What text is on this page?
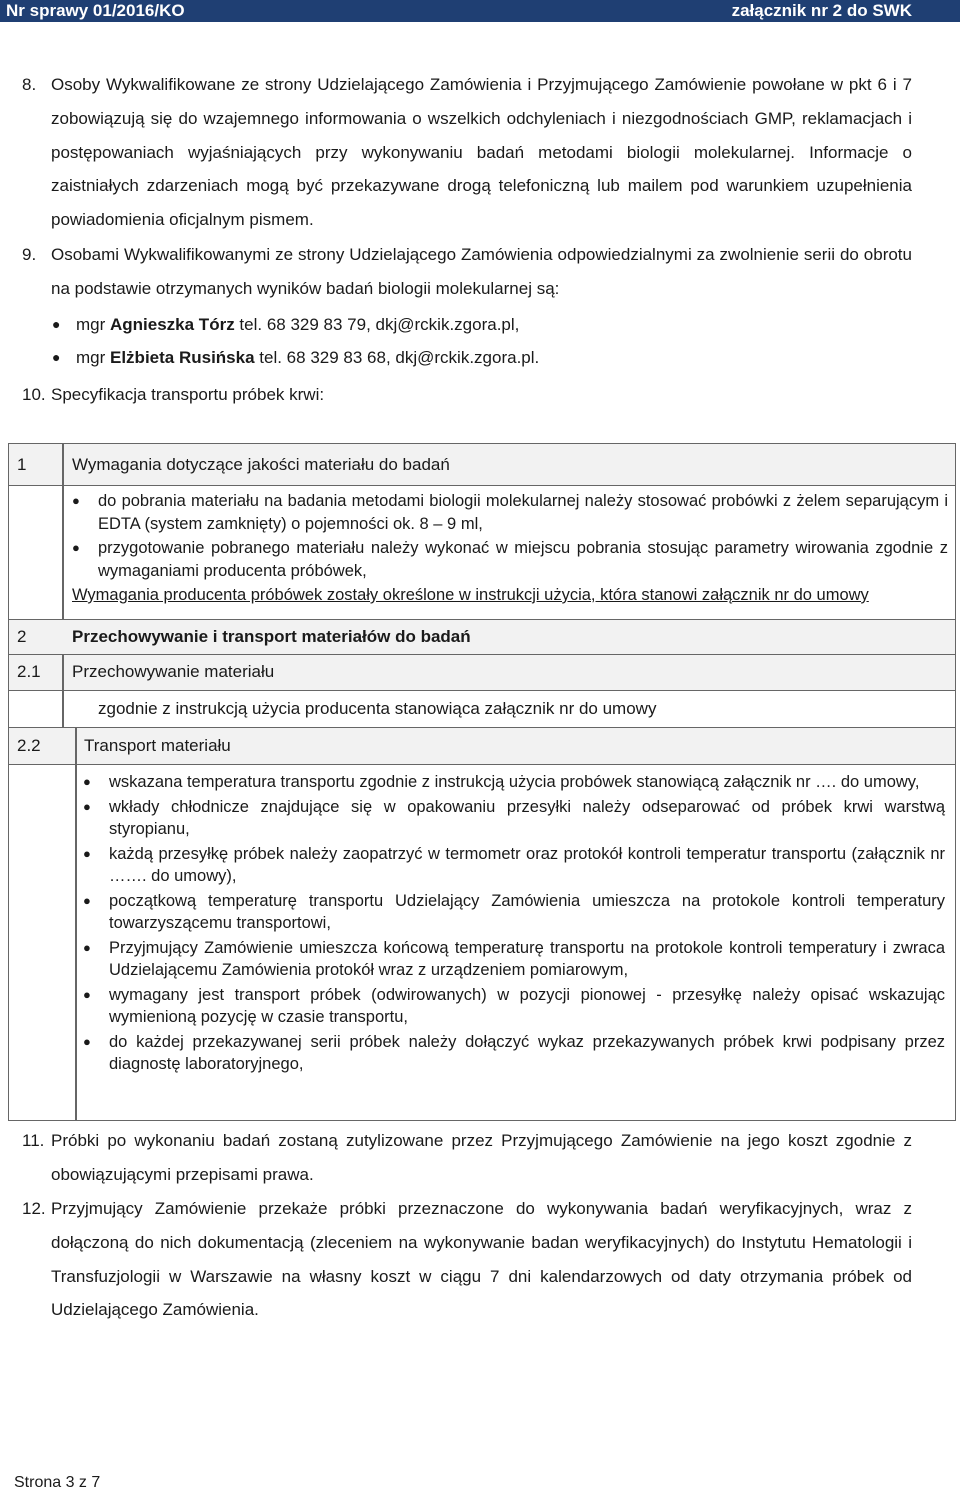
Nr sprawy 01/2016/KO	załącznik nr 2 do SWK
8. Osoby Wykwalifikowane ze strony Udzielającego Zamówienia i Przyjmującego Zamówienie powołane w pkt 6 i 7 zobowiązują się do wzajemnego informowania o wszelkich odchyleniach i niezgodnościach GMP, reklamacjach i postępowaniach wyjaśniających przy wykonywaniu badań metodami biologii molekularnej. Informacje o zaistniałych zdarzeniach mogą być przekazywane drogą telefoniczną lub mailem pod warunkiem uzupełnienia powiadomienia oficjalnym pismem.
9. Osobami Wykwalifikowanymi ze strony Udzielającego Zamówienia odpowiedzialnymi za zwolnienie serii do obrotu na podstawie otrzymanych wyników badań biologii molekularnej są:
● mgr Agnieszka Tórz tel. 68 329 83 79, dkj@rckik.zgora.pl,
● mgr Elżbieta Rusińska tel. 68 329 83 68, dkj@rckik.zgora.pl.
10. Specyfikacja transportu próbek krwi:
1	Wymagania dotyczące jakości materiału do badań
● do pobrania materiału na badania metodami biologii molekularnej należy stosować probówki z żelem separującym i EDTA (system zamknięty) o pojemności ok. 8 – 9 ml,
● przygotowanie pobranego materiału należy wykonać w miejscu pobrania stosując parametry wirowania zgodnie z wymaganiami producenta próbówek,
Wymagania producenta próbówek zostały określone w instrukcji użycia, która stanowi załącznik nr do umowy
2	Przechowywanie i transport materiałów do badań
2.1 Przechowywanie materiału
zgodnie z instrukcją użycia producenta stanowiąca załącznik nr do umowy
2.2	Transport materiału
● wskazana temperatura transportu zgodnie z instrukcją użycia probówek stanowiącą załącznik nr …. do umowy,
● wkłady chłodnicze znajdujące się w opakowaniu przesyłki należy odseparować od próbek krwi warstwą styropianu,
● każdą przesyłkę próbek należy zaopatrzyć w termometr oraz protokół kontroli temperatur transportu (załącznik nr ……. do umowy),
● początkową temperaturę transportu Udzielający Zamówienia umieszcza na protokole kontroli temperatury towarzyszącemu transportowi,
● Przyjmujący Zamówienie umieszcza końcową temperaturę transportu na protokole kontroli temperatury i zwraca Udzielającemu Zamówienia protokół wraz z urządzeniem pomiarowym,
● wymagany jest transport próbek (odwirowanych) w pozycji pionowej - przesyłkę należy opisać wskazując wymienioną pozycję w czasie transportu,
● do każdej przekazywanej serii próbek należy dołączyć wykaz przekazywanych próbek krwi podpisany przez diagnostę laboratoryjnego,
11. Próbki po wykonaniu badań zostaną zutylizowane przez Przyjmującego Zamówienie na jego koszt zgodnie z obowiązującymi przepisami prawa.
12. Przyjmujący Zamówienie przekaże próbki przeznaczone do wykonywania badań weryfikacyjnych, wraz z dołączoną do nich dokumentacją (zleceniem na wykonywanie badan weryfikacyjnych) do Instytutu Hematologii i Transfuzjologii w Warszawie na własny koszt w ciągu 7 dni kalendarzowych od daty otrzymania próbek od Udzielającego Zamówienia.
Strona 3 z 7
